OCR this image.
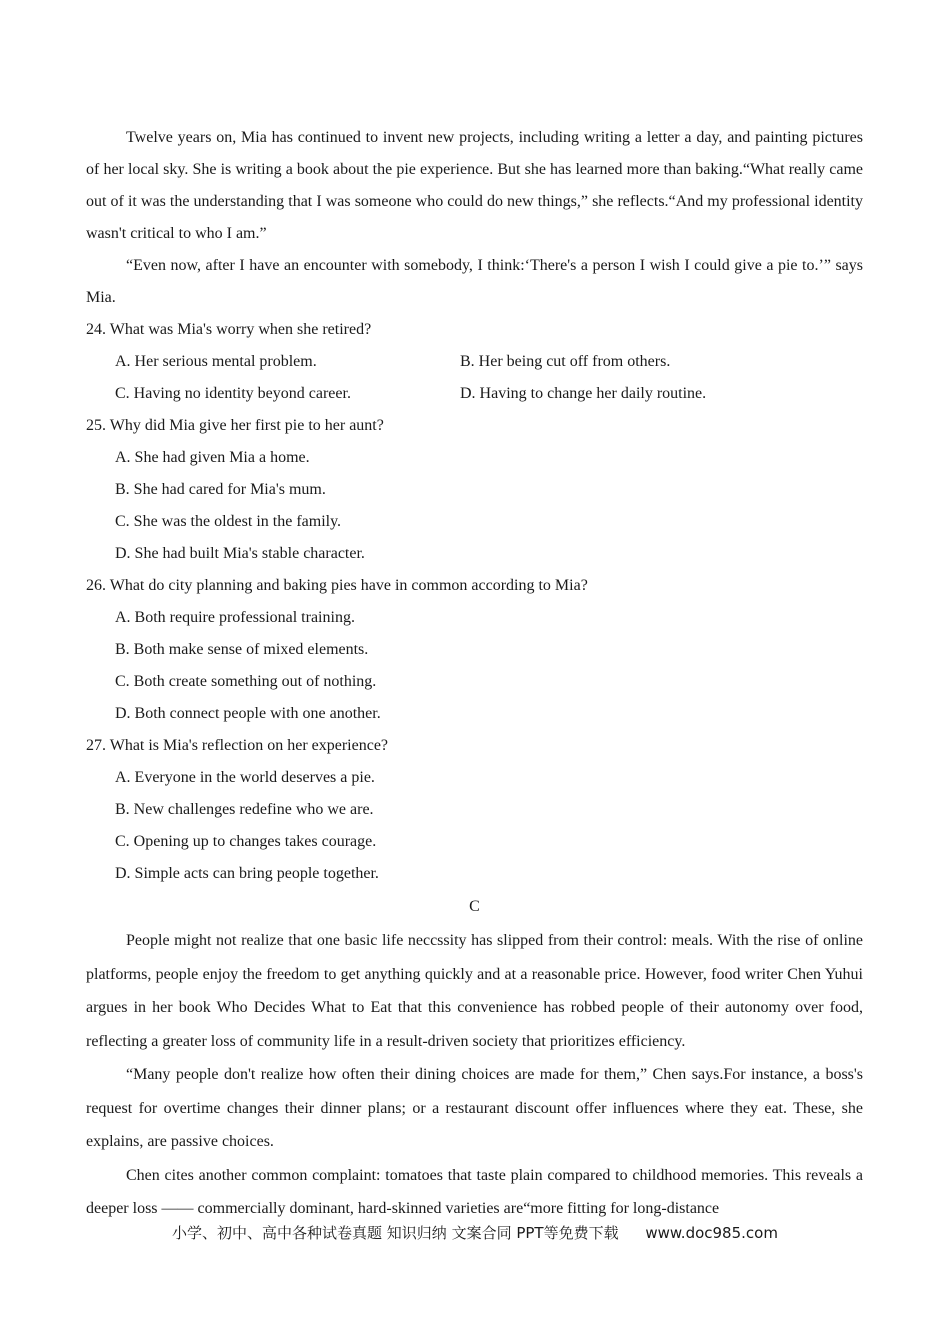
Twelve years on, Mia has continued to invent new projects, including writing a letter a day, and painting pictures of her local sky. She is writing a book about the pie experience. But she has learned more than baking.“What really came out of it was the understanding that I was someone who could do new things,” she reflects.“And my professional identity wasn't critical to who I am.”

“Even now, after I have an encounter with somebody, I think:‘There's a person I wish I could give a pie to.’” says Mia.

24. What was Mia's worry when she retired?

A. Her serious mental problem.	B. Her being cut off from others.
C. Having no identity beyond career.	D. Having to change her daily routine.

25. Why did Mia give her first pie to her aunt?

A. She had given Mia a home.
B. She had cared for Mia's mum.
C. She was the oldest in the family.
D. She had built Mia's stable character.

26. What do city planning and baking pies have in common according to Mia?

A. Both require professional training.
B. Both make sense of mixed elements.
C. Both create something out of nothing.
D. Both connect people with one another.

27. What is Mia's reflection on her experience?

A. Everyone in the world deserves a pie.
B. New challenges redefine who we are.
C. Opening up to changes takes courage.
D. Simple acts can bring people together.

C

People might not realize that one basic life neccssity has slipped from their control: meals. With the rise of online platforms, people enjoy the freedom to get anything quickly and at a reasonable price. However, food writer Chen Yuhui argues in her book Who Decides What to Eat that this convenience has robbed people of their autonomy over food, reflecting a greater loss of community life in a result-driven society that prioritizes efficiency.

“Many people don't realize how often their dining choices are made for them,” Chen says.For instance, a boss's request for overtime changes their dinner plans; or a restaurant discount offer influences where they eat. These, she explains, are passive choices.

Chen cites another common complaint: tomatoes that taste plain compared to childhood memories. This reveals a deeper loss —— commercially dominant, hard-skinned varieties are“more fitting for long-distance

小学、初中、高中各种试卷真题 知识归纳 文案合同 PPT等免费下载 www.doc985.com
